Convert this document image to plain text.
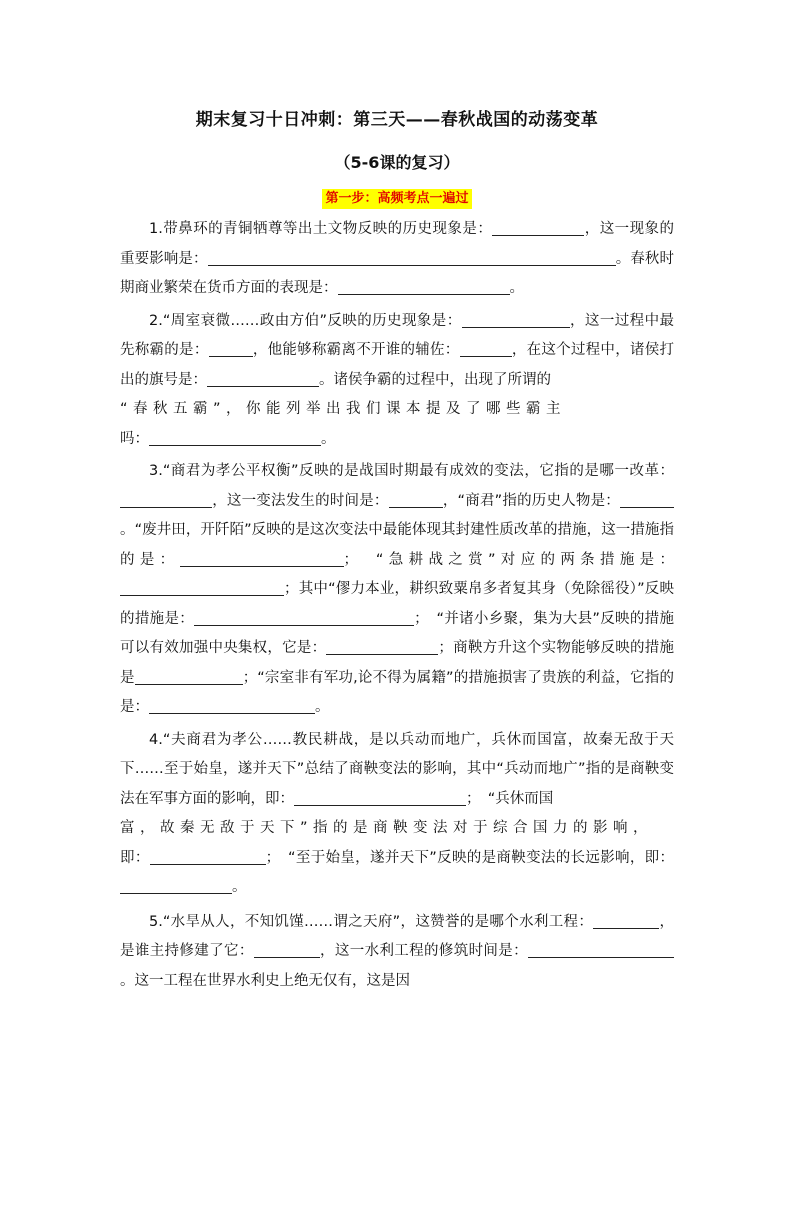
期末复习十日冲刺：第三天——春秋战国的动荡变革
（5-6课的复习）
第一步：高频考点一遍过

1.带鼻环的青铜牺尊等出土文物反映的历史现象是：	，这一现象的重要影响是：	。春秋时期商业繁荣在货币方面的表现是：	。

2.“周室衰微……政由方伯”反映的历史现象是：	，这一过程中最先称霸的是：	，他能够称霸离不开谁的辅佐：	，在这个过程中，诸侯打出的旗号是：	。诸侯争霸的过程中，出现了所谓的
“春秋五霸”，你能列举出我们课本提及了哪些霸主
吗：	。

3.“商君为孝公平权衡”反映的是战国时期最有成效的变法，它指的是哪一改革：，这一变法发生的时间是：	，“商君”指的历史人物是：。“废井田，开阡陌”反映的是这次变法中最能体现其封建性质改革的措施，这一措施指的是：	；　“急耕战之赏”对应的两条措施是：；其中“僇力本业，耕织致粟帛多者复其身（免除徭役）”反映的措施是：	；　“并诸小乡聚，集为大县”反映的措施可以有效加强中央集权，它是：	；商鞅方升这个实物能够反映的措施是	；“宗室非有军功,论不得为属籍”的措施损害了贵族的利益，它指的是：	。

4.“夫商君为孝公……教民耕战，是以兵动而地广，兵休而国富，故秦无敌于天下……至于始皇，遂并天下”总结了商鞅变法的影响，其中“兵动而地广”指的是商鞅变法在军事方面的影响，即：	；　“兵休而国
富，故秦无敌于天下”指的是商鞅变法对于综合国力的影响，
即：	；　“至于始皇，遂并天下”反映的是商鞅变法的长远影响，即：。

5.“水旱从人，不知饥馑……谓之天府”，这赞誉的是哪个水利工程：	，是谁主持修建了它：	，这一水利工程的修筑时间是：。这一工程在世界水利史上绝无仅有，这是因
